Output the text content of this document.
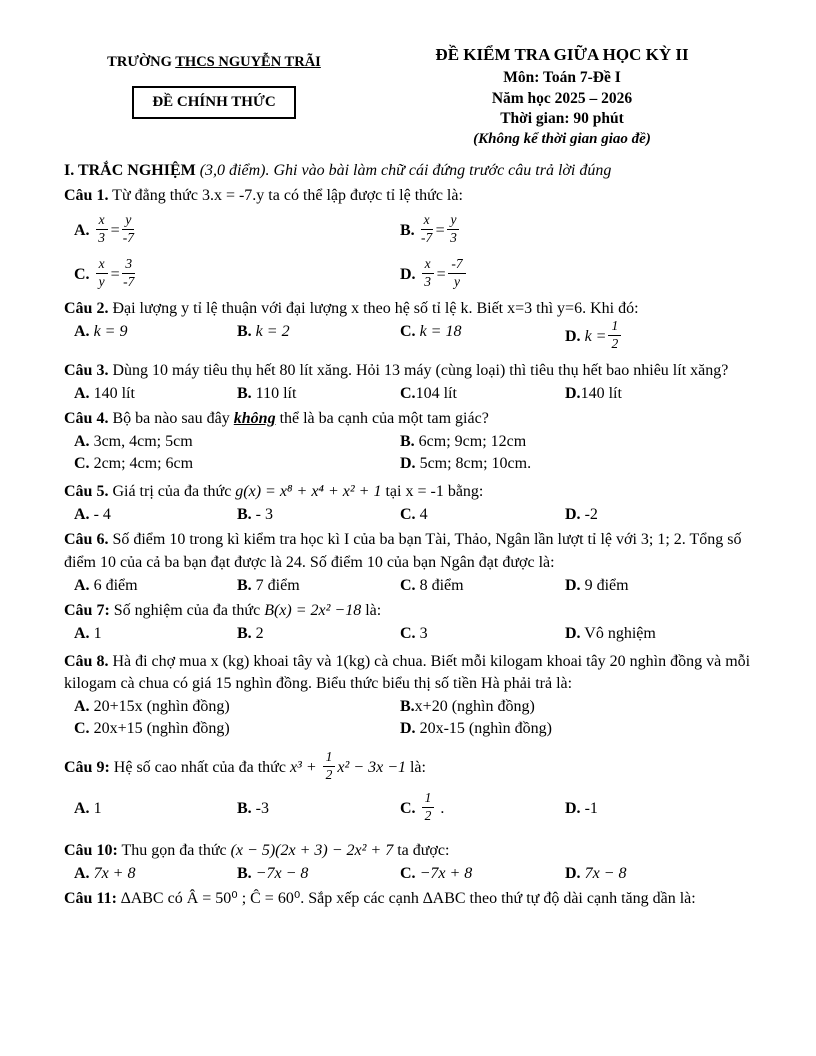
TRƯỜNG THCS NGUYỄN TRÃI
ĐỀ CHÍNH THỨC
ĐỀ KIỂM TRA GIỮA HỌC KỲ II
Môn: Toán 7-Đề I
Năm học 2025 – 2026
Thời gian: 90 phút
(Không kể thời gian giao đề)

I. TRẮC NGHIỆM (3,0 điểm). Ghi vào bài làm chữ cái đứng trước câu trả lời đúng

Câu 1. Từ đẳng thức 3.x = -7.y ta có thể lập được tỉ lệ thức là:

A. $\frac{x}{3} = \frac{y}{-7}$	B. $\frac{x}{-7} = \frac{y}{3}$
C. $\frac{x}{y} = \frac{3}{-7}$	D. $\frac{x}{3} = \frac{-7}{y}$

Câu 2. Đại lượng y tỉ lệ thuận với đại lượng x theo hệ số tỉ lệ k. Biết x=3 thì y=6. Khi đó:

A. k = 9	B. k = 2	C. k = 18	D. $k = \frac{1}{2}$

Câu 3. Dùng 10 máy tiêu thụ hết 80 lít xăng. Hỏi 13 máy (cùng loại) thì tiêu thụ hết bao nhiêu lít xăng?

A. 140 lít	B. 110 lít	C.104 lít	D.140 lít

Câu 4. Bộ ba nào sau đây không thể là ba cạnh của một tam giác?

A. 3cm, 4cm; 5cm	B. 6cm; 9cm; 12cm
C. 2cm; 4cm; 6cm	D. 5cm; 8cm; 10cm.

Câu 5. Giá trị của đa thức g(x) = x⁸ + x⁴ + x² + 1 tại x = -1 bằng:

A. - 4	B. - 3	C. 4	D. -2

Câu 6. Số điểm 10 trong kì kiểm tra học kì I của ba bạn Tài, Thảo, Ngân lần lượt tỉ lệ với 3; 1; 2. Tổng số điểm 10 của cả ba bạn đạt được là 24. Số điểm 10 của bạn Ngân đạt được là:

A. 6 điểm	B. 7 điểm	C. 8 điểm	D. 9 điểm

Câu 7: Số nghiệm của đa thức B(x) = 2x² −18 là:

A. 1	B. 2	C. 3	D. Vô nghiệm

Câu 8. Hà đi chợ mua x (kg) khoai tây và 1(kg) cà chua. Biết mỗi kilogam khoai tây 20 nghìn đồng và mỗi kilogam cà chua có giá 15 nghìn đồng. Biểu thức biểu thị số tiền Hà phải trả là:

A. 20+15x (nghìn đồng)	B.x+20 (nghìn đồng)
C. 20x+15 (nghìn đồng)	D. 20x-15 (nghìn đồng)

Câu 9: Hệ số cao nhất của đa thức $x^3 + \frac{1}{2} x^2 - 3x -1$ là:

A. 1	B. -3	C. $\frac{1}{2}$ .	D. -1

Câu 10: Thu gọn đa thức (x − 5)(2x + 3) − 2x² + 7 ta được:

A. 7x + 8	B. −7x − 8	C. −7x + 8	D. 7x − 8

Câu 11: ∆ABC có Â = 50⁰ ; Ĉ = 60⁰. Sắp xếp các cạnh ∆ABC theo thứ tự độ dài cạnh tăng dần là:
